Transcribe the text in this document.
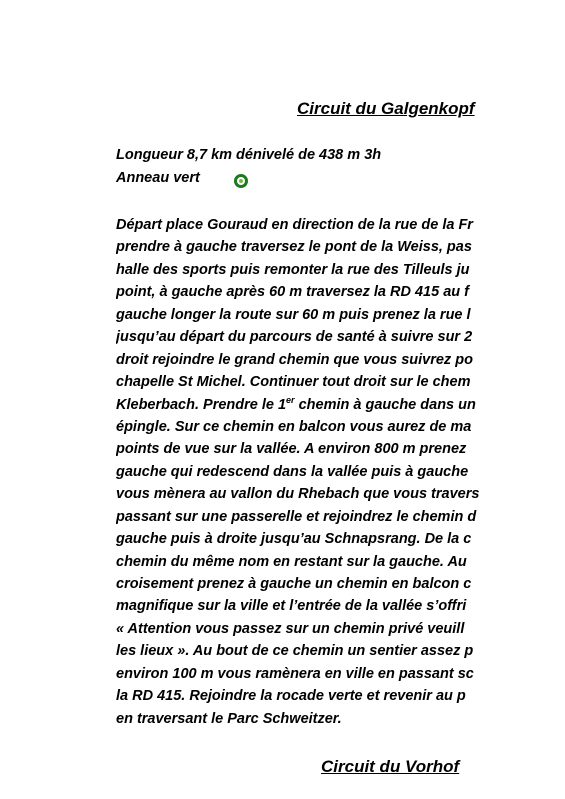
Circuit du Galgenkopf

Longueur 8,7 km dénivelé de 438 m 3h

Anneau vert

Départ place Gouraud en direction de la rue de la Fr
prendre à gauche traversez le pont de la Weiss, pas
halle des sports puis remonter la rue des Tilleuls ju
point, à gauche après 60 m traversez la RD 415 au f
gauche longer la route sur 60 m puis prenez la rue l
jusqu’au départ du parcours de santé à suivre sur 2
droit rejoindre le grand chemin que vous suivrez po
chapelle St Michel. Continuer tout droit sur le chem
Kleberbach. Prendre le 1er chemin à gauche dans un
épingle. Sur ce chemin en balcon vous aurez de ma
points de vue sur la vallée. A environ 800 m prenez
gauche qui redescend dans la vallée puis à gauche
vous mènera au vallon du Rhebach que vous travers
passant sur une passerelle et rejoindrez le chemin d
gauche puis à droite jusqu’au Schnapsrang. De la c
chemin du même nom en restant sur la gauche. Au
croisement prenez à gauche un chemin en balcon c
magnifique sur la ville et l’entrée de la vallée s’offri
« Attention vous passez sur un chemin privé veuill
les lieux ». Au bout de ce chemin un sentier assez p
environ 100 m vous ramènera en ville en passant sc
la RD 415. Rejoindre la rocade verte et revenir au p
en traversant le Parc Schweitzer.
Circuit du Vorhof
